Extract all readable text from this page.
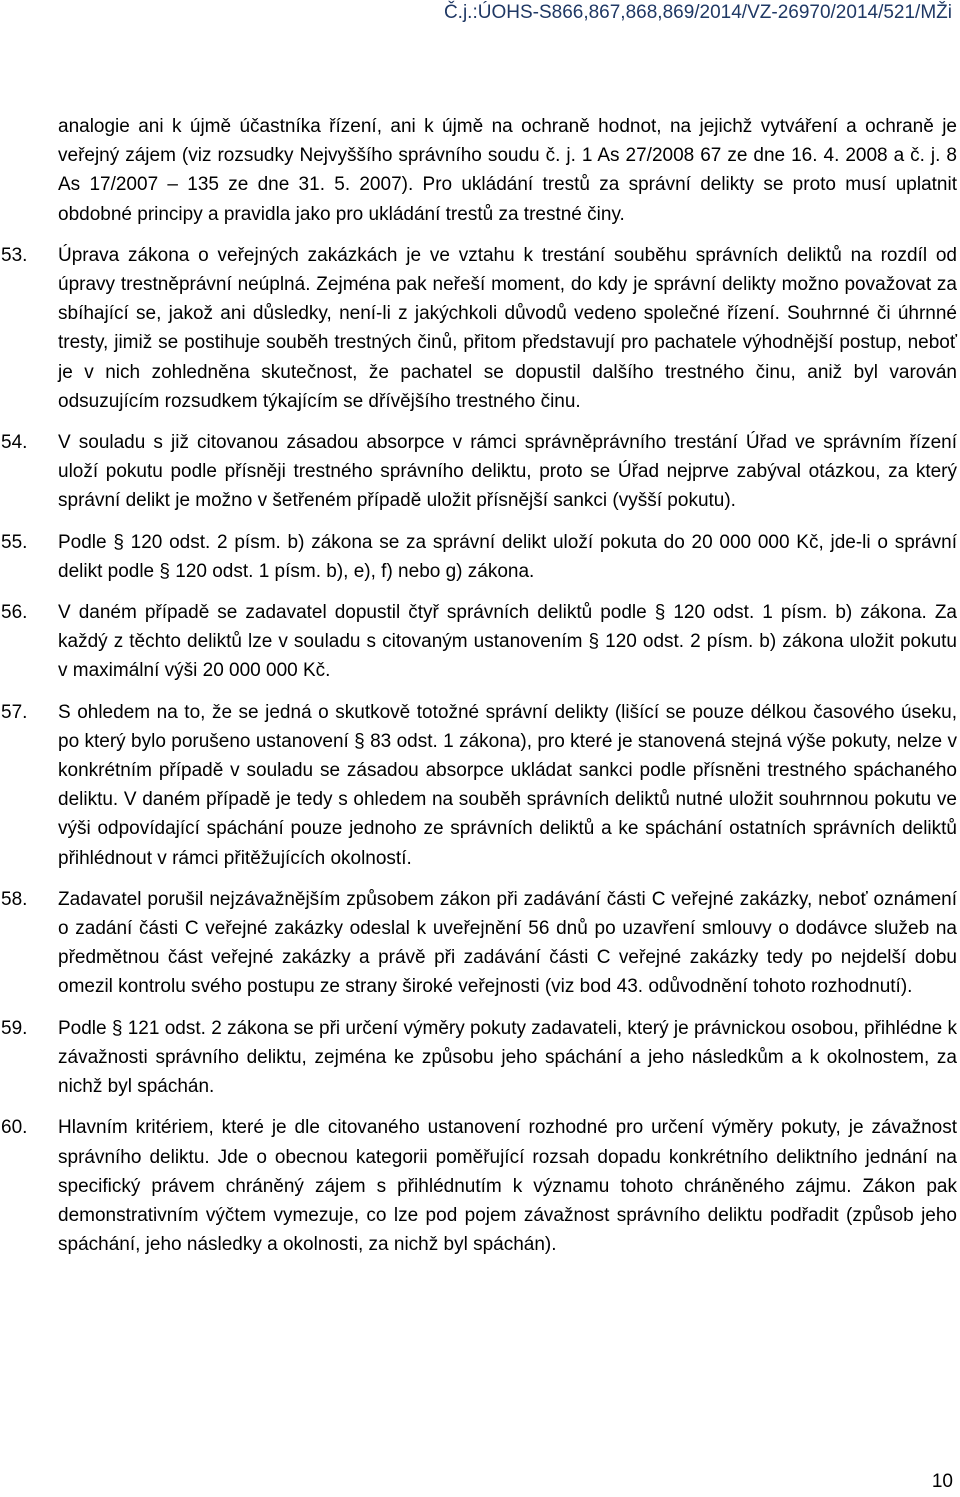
Č.j.:ÚOHS-S866,867,868,869/2014/VZ-26970/2014/521/MŽi

analogie ani k újmě účastníka řízení, ani k újmě na ochraně hodnot, na jejichž vytváření a ochraně je veřejný zájem (viz rozsudky Nejvyššího správního soudu č. j. 1 As 27/2008 67 ze dne 16. 4. 2008 a č. j. 8 As 17/2007 – 135 ze dne 31. 5. 2007). Pro ukládání trestů za správní delikty se proto musí uplatnit obdobné principy a pravidla jako pro ukládání trestů za trestné činy.

53. Úprava zákona o veřejných zakázkách je ve vztahu k trestání souběhu správních deliktů na rozdíl od úpravy trestněprávní neúplná. Zejména pak neřeší moment, do kdy je správní delikty možno považovat za sbíhající se, jakož ani důsledky, není-li z jakýchkoli důvodů vedeno společné řízení. Souhrnné či úhrnné tresty, jimiž se postihuje souběh trestných činů, přitom představují pro pachatele výhodnější postup, neboť je v nich zohledněna skutečnost, že pachatel se dopustil dalšího trestného činu, aniž byl varován odsuzujícím rozsudkem týkajícím se dřívějšího trestného činu.

54. V souladu s již citovanou zásadou absorpce v rámci správněprávního trestání Úřad ve správním řízení uloží pokutu podle přísněji trestného správního deliktu, proto se Úřad nejprve zabýval otázkou, za který správní delikt je možno v šetřeném případě uložit přísnější sankci (vyšší pokutu).

55. Podle § 120 odst. 2 písm. b) zákona se za správní delikt uloží pokuta do 20 000 000 Kč, jde-li o správní delikt podle § 120 odst. 1 písm. b), e), f) nebo g) zákona.

56. V daném případě se zadavatel dopustil čtyř správních deliktů podle § 120 odst. 1 písm. b) zákona. Za každý z těchto deliktů lze v souladu s citovaným ustanovením § 120 odst. 2 písm. b) zákona uložit pokutu v maximální výši 20 000 000 Kč.

57. S ohledem na to, že se jedná o skutkově totožné správní delikty (lišící se pouze délkou časového úseku, po který bylo porušeno ustanovení § 83 odst. 1 zákona), pro které je stanovená stejná výše pokuty, nelze v konkrétním případě v souladu se zásadou absorpce ukládat sankci podle přísněni trestného spáchaného deliktu. V daném případě je tedy s ohledem na souběh správních deliktů nutné uložit souhrnnou pokutu ve výši odpovídající spáchání pouze jednoho ze správních deliktů a ke spáchání ostatních správních deliktů přihlédnout v rámci přitěžujících okolností.

58. Zadavatel porušil nejzávažnějším způsobem zákon při zadávání části C veřejné zakázky, neboť oznámení o zadání části C veřejné zakázky odeslal k uveřejnění 56 dnů po uzavření smlouvy o dodávce služeb na předmětnou část veřejné zakázky a právě při zadávání části C veřejné zakázky tedy po nejdelší dobu omezil kontrolu svého postupu ze strany široké veřejnosti (viz bod 43. odůvodnění tohoto rozhodnutí).

59. Podle § 121 odst. 2 zákona se při určení výměry pokuty zadavateli, který je právnickou osobou, přihlédne k závažnosti správního deliktu, zejména ke způsobu jeho spáchání a jeho následkům a k okolnostem, za nichž byl spáchán.

60. Hlavním kritériem, které je dle citovaného ustanovení rozhodné pro určení výměry pokuty, je závažnost správního deliktu. Jde o obecnou kategorii poměřující rozsah dopadu konkrétního deliktního jednání na specifický právem chráněný zájem s přihlédnutím k významu tohoto chráněného zájmu. Zákon pak demonstrativním výčtem vymezuje, co lze pod pojem závažnost správního deliktu podřadit (způsob jeho spáchání, jeho následky a okolnosti, za nichž byl spáchán).

10
